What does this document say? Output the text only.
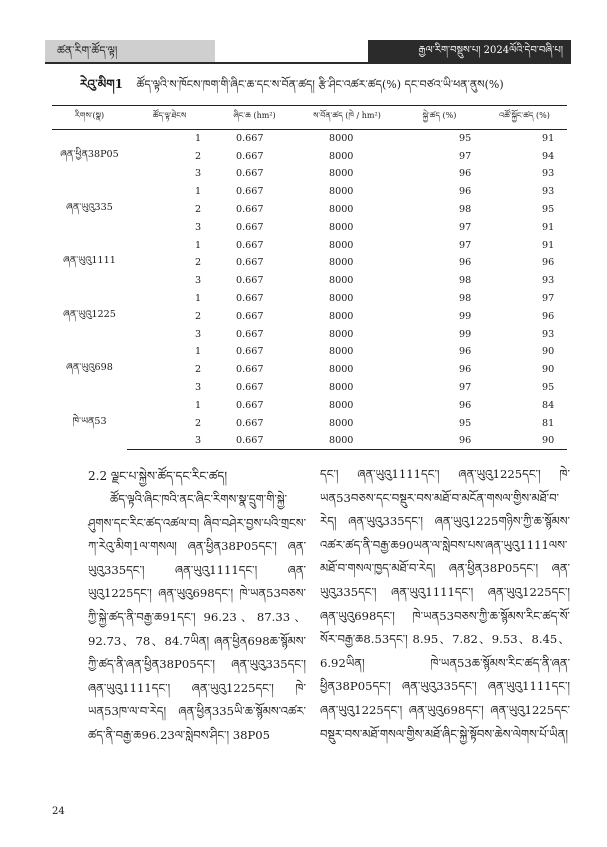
ཚན་རིག་ཚོད་ལྟ།	རྒྱལ་རིག་བསྡུས་པ། 2024ལོའི་དེབ་བཞི་པ།
རེའུ་མིག1 ཚོད་ལྟའི་ས་ཁོངས་ཁག་གི་ཞིང་ཆ་དང་ས་བོན་ཚད། རྩི་ཤིང་འཚར་ཚད(%) དང་བཙའ་ཡི་ཕན་ནུས(%)
རིགས་(སྣ)	ཚོད་ལྟ་ཐེངས	ཞིང་ཆ (hm²)	ས་བོན་ཚད (ཁེ / hm²)	སྐྱེ་ཚད (%)	འཚོ་སྐྱོང་ཚད (%)
ཞན་ཕྱིན38P05	1	0.667	8000	95	91
	2	0.667	8000	97	94
	3	0.667	8000	96	93
ཞན་ཡུའུ335	1	0.667	8000	96	93
	2	0.667	8000	98	95
	3	0.667	8000	97	91
ཞན་ཡུའུ1111	1	0.667	8000	97	91
	2	0.667	8000	96	96
	3	0.667	8000	98	93
ཞན་ཡུའུ1225	1	0.667	8000	98	97
	2	0.667	8000	99	96
	3	0.667	8000	99	93
ཞན་ཡུའུ698	1	0.667	8000	96	90
	2	0.667	8000	96	90
	3	0.667	8000	97	95
ཁེ་ཡན53	1	0.667	8000	96	84
	2	0.667	8000	95	81
	3	0.667	8000	96	90
2.2 ལྗང་པ་སྐྱེས་ཚོད་དང་རིང་ཚད།
ཚོད་ལྟའི་ཞིང་ཁའི་ནང་ཞིང་རིགས་སྣ་དྲུག་གི་སྐྱེ་ཤུགས་དང་རིང་ཚད་འཚལ་བ། ཞིབ་བཤེར་བྱས་པའི་གྲངས་ཀ་རེའུ་མིག1ལ་གསལ། ཞན་ཕྱིན38P05དང་། ཞན་ཡུའུ335དང་། ཞན་ཡུའུ1111དང་། ཞན་ཡུའུ1225དང་། ཞན་ཡུའུ698དང་། ཁེ་ཡན53བཅས་ཀྱི་སྐྱེ་ཚད་ནི་བརྒྱ་ཆ91དང་། 96.23、87.33、92.73、78、84.7ཡིན། ཞན་ཕྱིན698ཆ་སྙོམས་ཀྱི་ཚད་ནི་ཞན་ཕྱིན38P05དང་། ཞན་ཡུའུ335དང་། ཞན་ཡུའུ1111དང་། ཞན་ཡུའུ1225དང་། ཁེ་ཡན53ཁ་ལ་བ་རེད། ཞན་ཕྱིན335ཡི་ཆ་སྙོམས་འཚར་ཚད་ནི་བརྒྱ་ཆ96.23ལ་སླེབས་ཤིང་། 38P05
དང་། ཞན་ཡུའུ1111དང་། ཞན་ཡུའུ1225དང་། ཁེ་ཡན53བཅས་དང་བསྡུར་བས་མཐོ་བ་མངོན་གསལ་གྱིས་མཐོ་བ་རེད། ཞན་ཡུའུ335དང་། ཞན་ཡུའུ1225གཉིས་ཀྱི་ཆ་སྙོམས་འཚར་ཚད་ནི་བརྒྱ་ཆ90ཡན་ལ་སླེབས་པས་ཞན་ཡུའུ1111ལས་མཐོ་བ་གསལ་ཁྱད་མཐོ་བ་རེད། ཞན་ཕྱིན38P05དང་། ཞན་ཡུའུ335དང་། ཞན་ཡུའུ1111དང་། ཞན་ཡུའུ1225དང་། ཞན་ཡུའུ698དང་། ཁེ་ཡན53བཅས་ཀྱི་ཆ་སྙོམས་རིང་ཚད་སོ་སོར་བརྒྱ་ཆ8.53དང་། 8.95、7.82、9.53、8.45、6.92ཡིན། ཁེ་ཡན53ཆ་སྙོམས་རིང་ཚད་ནི་ཞན་ཕྱིན38P05དང་། ཞན་ཡུའུ335དང་། ཞན་ཡུའུ1111དང་། ཞན་ཡུའུ1225དང་། ཞན་ཡུའུ698དང་། ཞན་ཡུའུ1225དང་བསྡུར་བས་མཐོ་གསལ་གྱིས་མཐོ་ཞིང་སྐྱེ་སྟོབས་ཆེས་ལེགས་པོ་ཡིན།
24
